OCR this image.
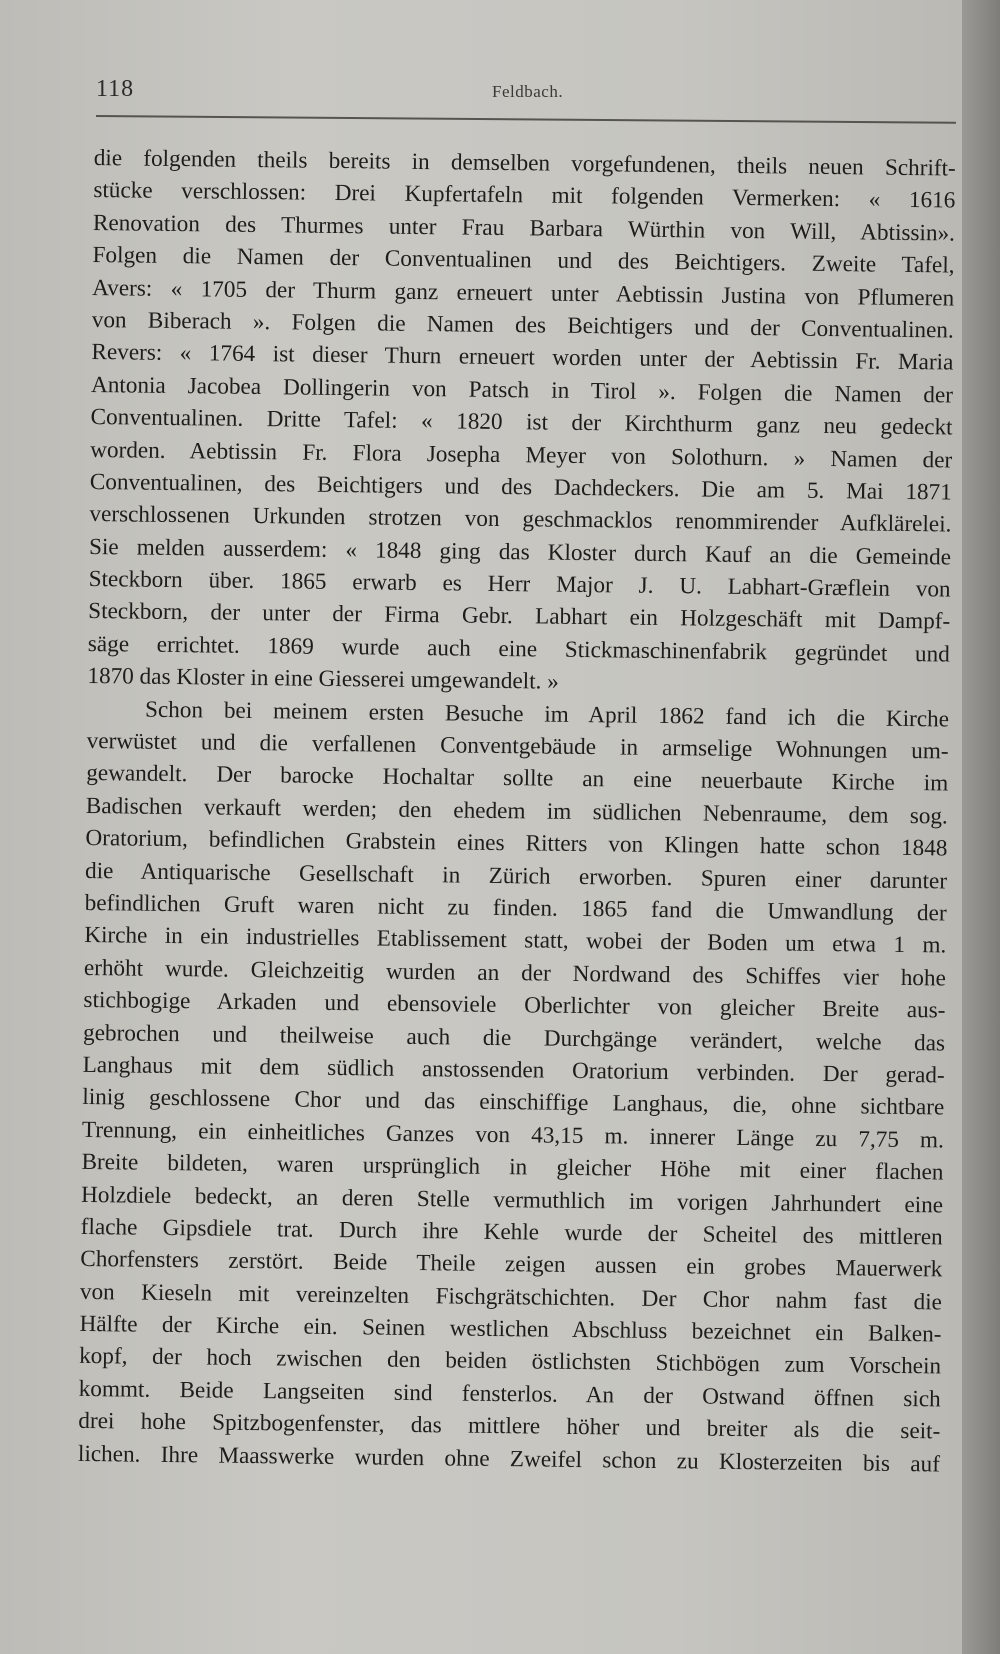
118	Feldbach.
die folgenden theils bereits in demselben vorgefundenen, theils neuen Schrift-
stücke verschlossen: Drei Kupfertafeln mit folgenden Vermerken: « 1616
Renovation des Thurmes unter Frau Barbara Würthin von Will, Abtissin».
Folgen die Namen der Conventualinen und des Beichtigers. Zweite Tafel,
Avers: « 1705 der Thurm ganz erneuert unter Aebtissin Justina von Pflumeren
von Biberach ». Folgen die Namen des Beichtigers und der Conventualinen.
Revers: « 1764 ist dieser Thurn erneuert worden unter der Aebtissin Fr. Maria
Antonia Jacobea Dollingerin von Patsch in Tirol ». Folgen die Namen der
Conventualinen. Dritte Tafel: « 1820 ist der Kirchthurm ganz neu gedeckt
worden. Aebtissin Fr. Flora Josepha Meyer von Solothurn. » Namen der
Conventualinen, des Beichtigers und des Dachdeckers. Die am 5. Mai 1871
verschlossenen Urkunden strotzen von geschmacklos renommirender Aufklärelei.
Sie melden ausserdem: « 1848 ging das Kloster durch Kauf an die Gemeinde
Steckborn über. 1865 erwarb es Herr Major J. U. Labhart-Græflein von
Steckborn, der unter der Firma Gebr. Labhart ein Holzgeschäft mit Dampf-
säge errichtet. 1869 wurde auch eine Stickmaschinenfabrik gegründet und
1870 das Kloster in eine Giesserei umgewandelt. »
Schon bei meinem ersten Besuche im April 1862 fand ich die Kirche
verwüstet und die verfallenen Conventgebäude in armselige Wohnungen um-
gewandelt. Der barocke Hochaltar sollte an eine neuerbaute Kirche im
Badischen verkauft werden; den ehedem im südlichen Nebenraume, dem sog.
Oratorium, befindlichen Grabstein eines Ritters von Klingen hatte schon 1848
die Antiquarische Gesellschaft in Zürich erworben. Spuren einer darunter
befindlichen Gruft waren nicht zu finden. 1865 fand die Umwandlung der
Kirche in ein industrielles Etablissement statt, wobei der Boden um etwa 1 m.
erhöht wurde. Gleichzeitig wurden an der Nordwand des Schiffes vier hohe
stichbogige Arkaden und ebensoviele Oberlichter von gleicher Breite aus-
gebrochen und theilweise auch die Durchgänge verändert, welche das
Langhaus mit dem südlich anstossenden Oratorium verbinden. Der gerad-
linig geschlossene Chor und das einschiffige Langhaus, die, ohne sichtbare
Trennung, ein einheitliches Ganzes von 43,15 m. innerer Länge zu 7,75 m.
Breite bildeten, waren ursprünglich in gleicher Höhe mit einer flachen
Holzdiele bedeckt, an deren Stelle vermuthlich im vorigen Jahrhundert eine
flache Gipsdiele trat. Durch ihre Kehle wurde der Scheitel des mittleren
Chorfensters zerstört. Beide Theile zeigen aussen ein grobes Mauerwerk
von Kieseln mit vereinzelten Fischgrätschichten. Der Chor nahm fast die
Hälfte der Kirche ein. Seinen westlichen Abschluss bezeichnet ein Balken-
kopf, der hoch zwischen den beiden östlichsten Stichbögen zum Vorschein
kommt. Beide Langseiten sind fensterlos. An der Ostwand öffnen sich
drei hohe Spitzbogenfenster, das mittlere höher und breiter als die seit-
lichen. Ihre Maasswerke wurden ohne Zweifel schon zu Klosterzeiten bis auf
